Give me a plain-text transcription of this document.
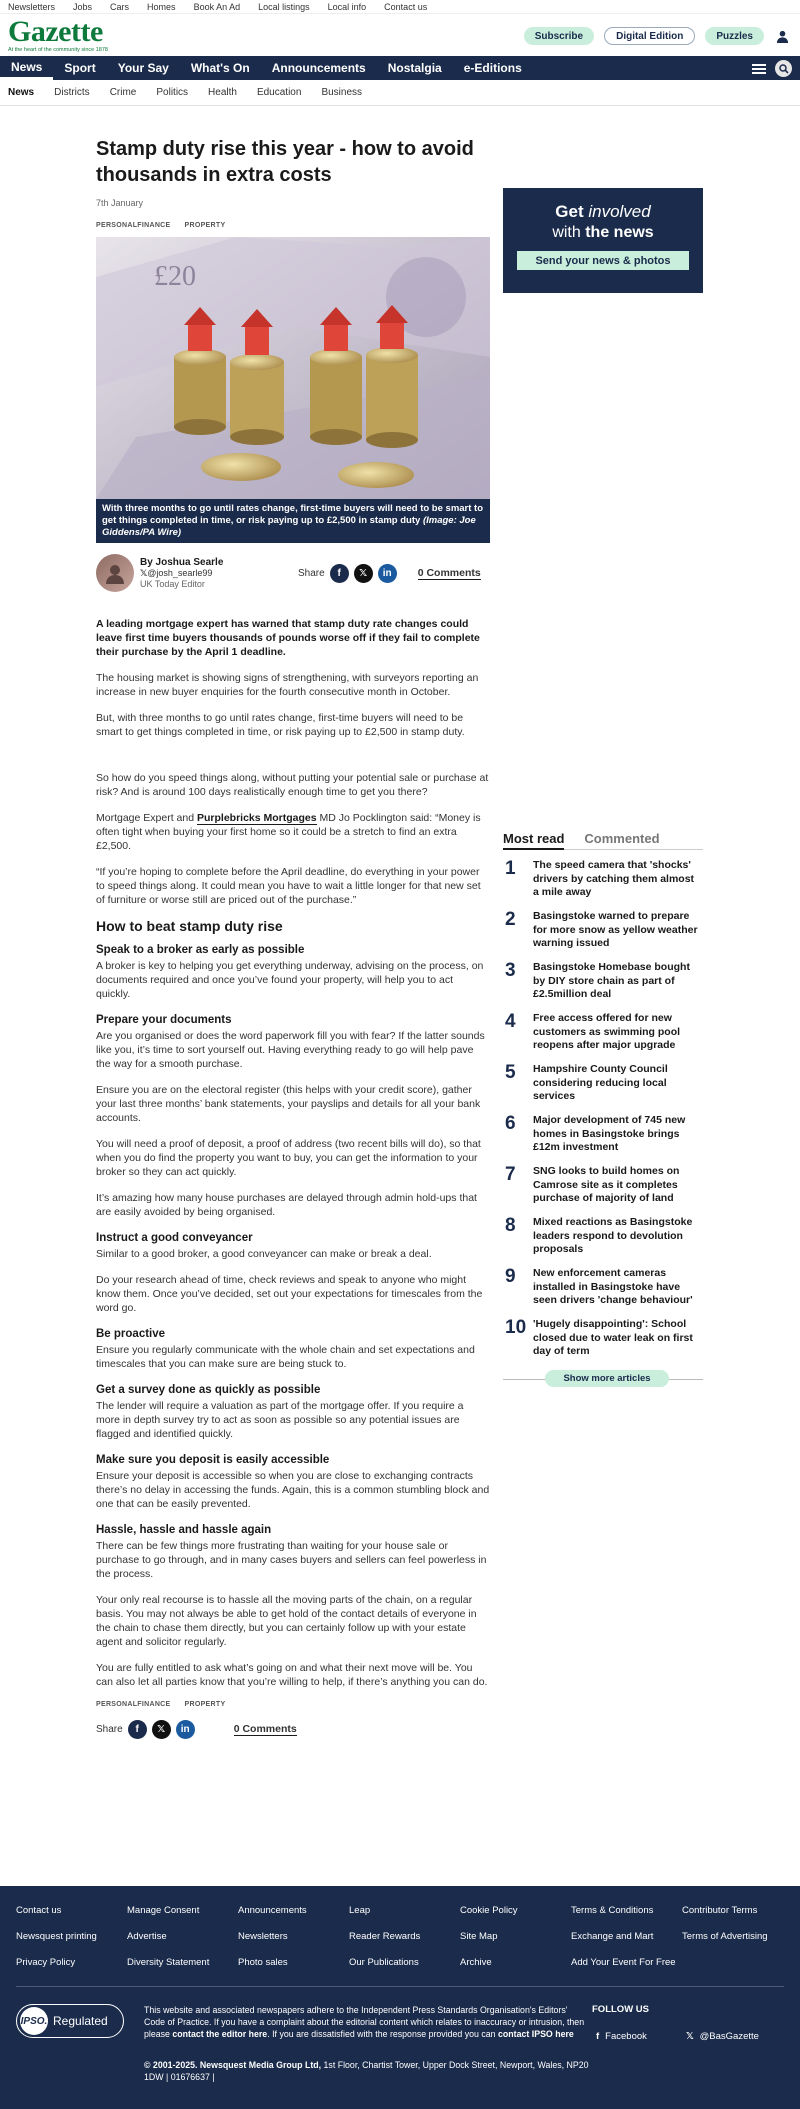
Newsletters Jobs Cars Homes Book An Ad Local listings Local info Contact us
Gazette
At the heart of the community since 1878
Subscribe	Digital Edition	Puzzles
News	Sport	Your Say	What's On	Announcements	Nostalgia	e-Editions
News Districts Crime Politics Health Education Business
Stamp duty rise this year - how to avoid thousands in extra costs
7th January
PERSONALFINANCE PROPERTY
£20
With three months to go until rates change, first-time buyers will need to be smart to get things completed in time, or risk paying up to £2,500 in stamp duty (Image: Joe Giddens/PA Wire)
By Joshua Searle
𝕏@josh_searle99
UK Today Editor
Share	f	𝕏	in	0 Comments

A leading mortgage expert has warned that stamp duty rate changes could leave first time buyers thousands of pounds worse off if they fail to complete their purchase by the April 1 deadline.

The housing market is showing signs of strengthening, with surveyors reporting an increase in new buyer enquiries for the fourth consecutive month in October.

But, with three months to go until rates change, first-time buyers will need to be smart to get things completed in time, or risk paying up to £2,500 in stamp duty.

So how do you speed things along, without putting your potential sale or purchase at risk? And is around 100 days realistically enough time to get you there?

Mortgage Expert and Purplebricks Mortgages MD Jo Pocklington said: “Money is often tight when buying your first home so it could be a stretch to find an extra £2,500.

“If you’re hoping to complete before the April deadline, do everything in your power to speed things along. It could mean you have to wait a little longer for that new set of furniture or worse still are priced out of the purchase.”

How to beat stamp duty rise
Speak to a broker as early as possible

A broker is key to helping you get everything underway, advising on the process, on documents required and once you’ve found your property, will help you to act quickly.

Prepare your documents

Are you organised or does the word paperwork fill you with fear? If the latter sounds like you, it’s time to sort yourself out. Having everything ready to go will help pave the way for a smooth purchase.

Ensure you are on the electoral register (this helps with your credit score), gather your last three months’ bank statements, your payslips and details for all your bank accounts.

You will need a proof of deposit, a proof of address (two recent bills will do), so that when you do find the property you want to buy, you can get the information to your broker so they can act quickly.

It’s amazing how many house purchases are delayed through admin hold-ups that are easily avoided by being organised.

Instruct a good conveyancer

Similar to a good broker, a good conveyancer can make or break a deal.

Do your research ahead of time, check reviews and speak to anyone who might know them. Once you’ve decided, set out your expectations for timescales from the word go.

Be proactive

Ensure you regularly communicate with the whole chain and set expectations and timescales that you can make sure are being stuck to.

Get a survey done as quickly as possible

The lender will require a valuation as part of the mortgage offer. If you require a more in depth survey try to act as soon as possible so any potential issues are flagged and identified quickly.

Make sure you deposit is easily accessible

Ensure your deposit is accessible so when you are close to exchanging contracts there’s no delay in accessing the funds. Again, this is a common stumbling block and one that can be easily prevented.

Hassle, hassle and hassle again

There can be few things more frustrating than waiting for your house sale or purchase to go through, and in many cases buyers and sellers can feel powerless in the process.

Your only real recourse is to hassle all the moving parts of the chain, on a regular basis. You may not always be able to get hold of the contact details of everyone in the chain to chase them directly, but you can certainly follow up with your estate agent and solicitor regularly.

You are fully entitled to ask what’s going on and what their next move will be. You can also let all parties know that you’re willing to help, if there’s anything you can do.

PERSONALFINANCE PROPERTY
Share	f	𝕏	in	0 Comments
Get involved
with the news
Send your news & photos
Most read Commented
1	The speed camera that 'shocks' drivers by catching them almost a mile away
2	Basingstoke warned to prepare for more snow as yellow weather warning issued
3	Basingstoke Homebase bought by DIY store chain as part of £2.5million deal
4	Free access offered for new customers as swimming pool reopens after major upgrade
5	Hampshire County Council considering reducing local services
6	Major development of 745 new homes in Basingstoke brings £12m investment
7	SNG looks to build homes on Camrose site as it completes purchase of majority of land
8	Mixed reactions as Basingstoke leaders respond to devolution proposals
9	New enforcement cameras installed in Basingstoke have seen drivers 'change behaviour'
10 'Hugely disappointing': School closed due to water leak on first day of term
Show more articles
Contact us	Manage Consent	Announcements	Leap	Cookie Policy	Terms & Conditions	Contributor Terms
Newsquest printing	Advertise	Newsletters	Reader Rewards	Site Map	Exchange and Mart	Terms of Advertising
Privacy Policy	Diversity Statement	Photo sales	Our Publications	Archive	Add Your Event For Free
IPSO. Regulated
This website and associated newspapers adhere to the Independent Press Standards Organisation's Editors' Code of Practice. If you have a complaint about the editorial content which relates to inaccuracy or intrusion, then please contact the editor here. If you are dissatisfied with the response provided you can contact IPSO here
© 2001-2025. Newsquest Media Group Ltd, 1st Floor, Chartist Tower, Upper Dock Street, Newport, Wales, NP20 1DW | 01676637 |
FOLLOW US
f Facebook	𝕏 @BasGazette
